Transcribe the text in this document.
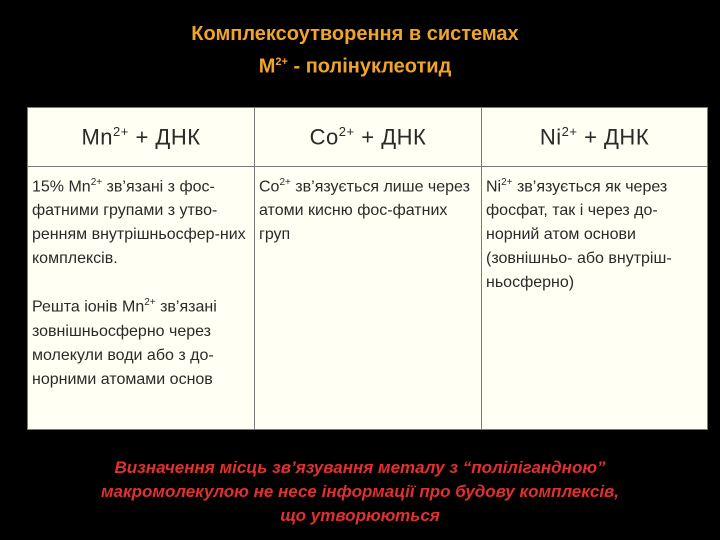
Комплексоутворення в системах
$M^{2+}$ - полінуклеотид
$Mn^{2+}$ + ДНК	$Co^{2+}$ + ДНК	$Ni^{2+}$ + ДНК

15% $Mn^{2+}$ зв’язані з фос-фатними групами з утво-ренням внутрішньосфер-них комплексів.

Решта іонів $Mn^{2+}$ зв’язані зовнішньосферно через молекули води або з до-норними атомами основ	$Co^{2+}$ зв’язується лише через атоми кисню фос-фатних груп	$Ni^{2+}$ зв’язується як через фосфат, так і через до-норний атом основи (зовнішньо- або внутріш-ньосферно)

Визначення місць зв’язування металу з “полілігандною”
макромолекулою не несе інформації про будову комплексів,
що утворюються
